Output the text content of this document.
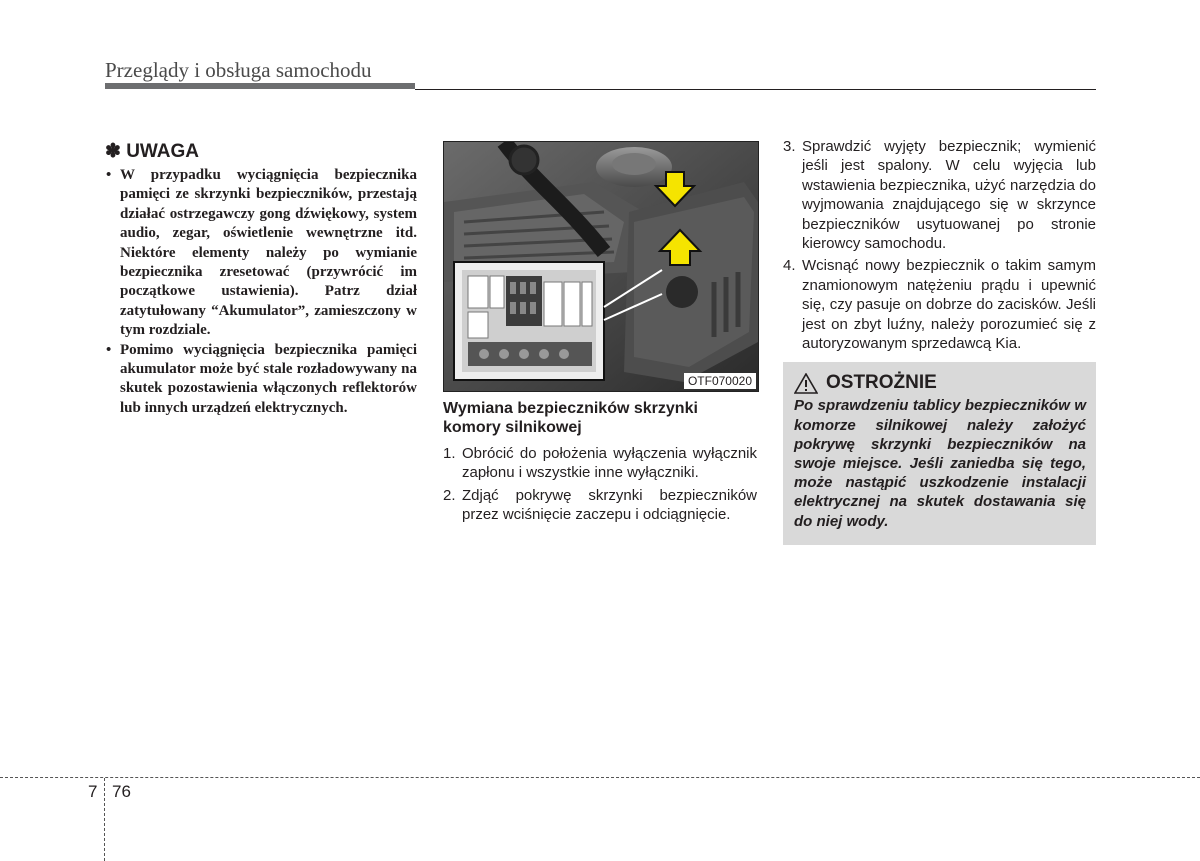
Przeglądy i obsługa samochodu
✽ UWAGA
• W przypadku wyciągnięcia bezpiecznika pamięci ze skrzynki bezpieczników, przestają działać ostrzegawczy gong dźwiękowy, system audio, zegar, oświetlenie wewnętrzne itd. Niektóre elementy należy po wymianie bezpiecznika zresetować (przywrócić im początkowe ustawienia). Patrz dział zatytułowany “Akumulator”, zamieszczony w tym rozdziale.
• Pomimo wyciągnięcia bezpiecznika pamięci akumulator może być stale rozładowywany na skutek pozostawienia włączonych reflektorów lub innych urządzeń elektrycznych.
OTF070020
Wymiana bezpieczników skrzynki komory silnikowej
1. Obrócić do położenia wyłączenia wyłącznik zapłonu i wszystkie inne wyłączniki.
2. Zdjąć pokrywę skrzynki bezpieczników przez wciśnięcie zaczepu i odciągnięcie.
3. Sprawdzić wyjęty bezpiecznik; wymienić jeśli jest spalony. W celu wyjęcia lub wstawienia bezpiecznika, użyć narzędzia do wyjmowania znajdującego się w skrzynce bezpieczników usytuowanej po stronie kierowcy samochodu.
4. Wcisnąć nowy bezpiecznik o takim samym znamionowym natężeniu prądu i upewnić się, czy pasuje on dobrze do zacisków. Jeśli jest on zbyt luźny, należy porozumieć się z autoryzowanym sprzedawcą Kia.
OSTROŻNIE
Po sprawdzeniu tablicy bezpieczników w komorze silnikowej należy założyć pokrywę skrzynki bezpieczników na swoje miejsce. Jeśli zaniedba się tego, może nastąpić uszkodzenie instalacji elektrycznej na skutek dostawania się do niej wody.
7 76
